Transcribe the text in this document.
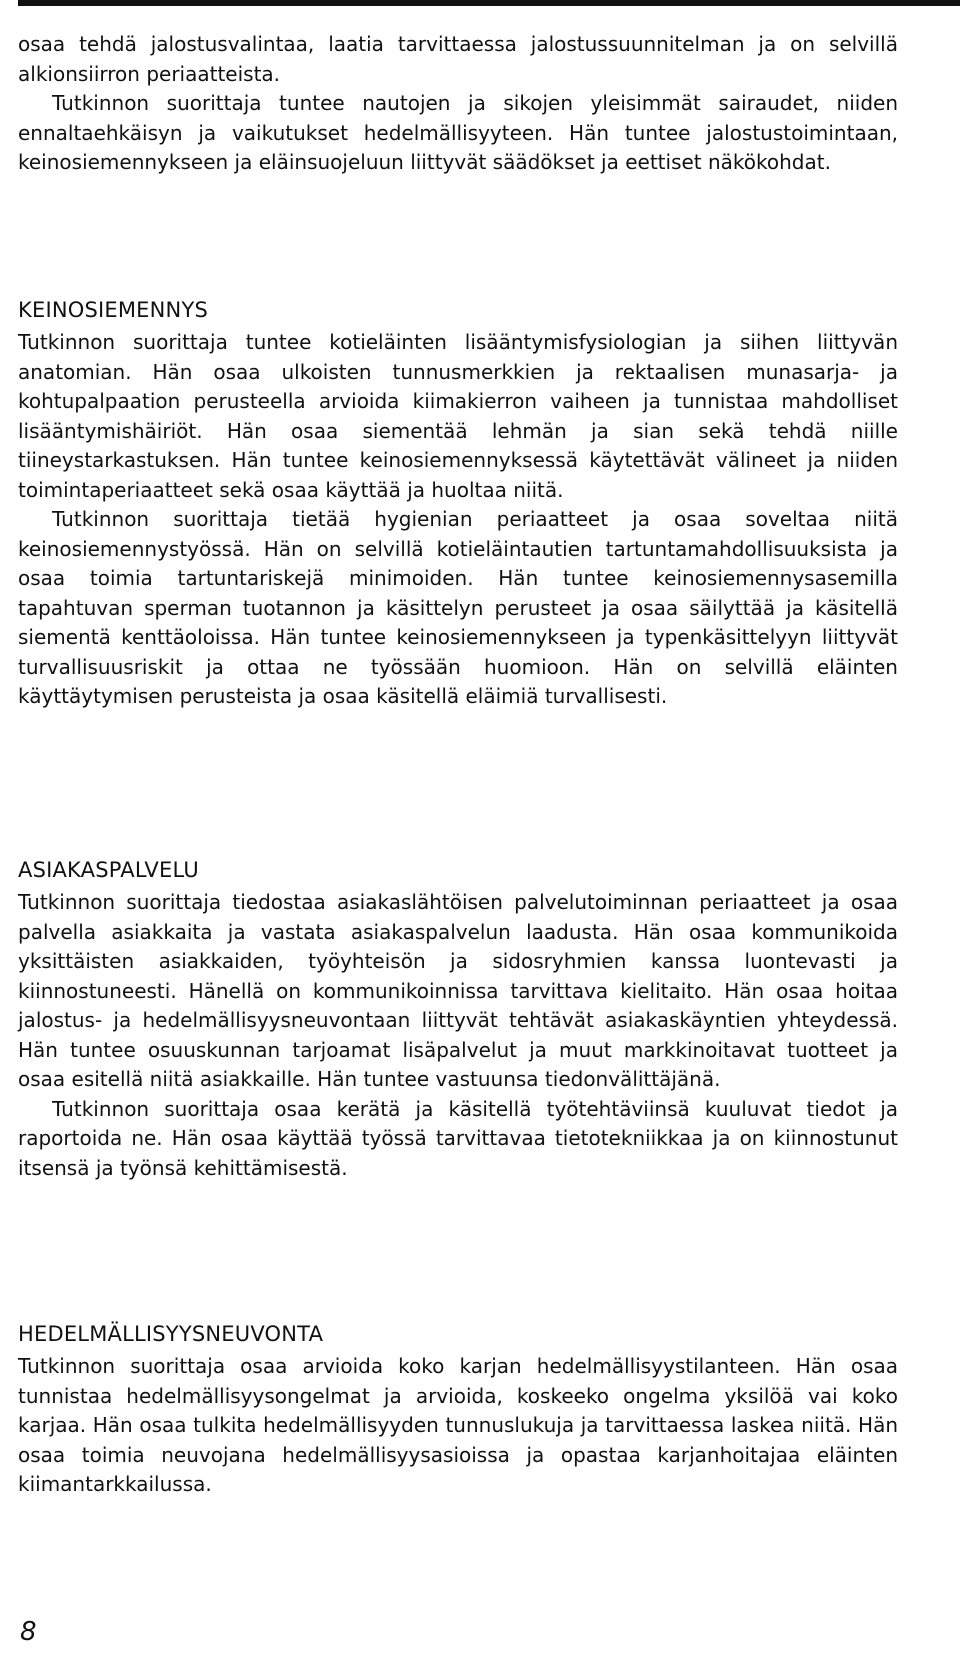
osaa tehdä jalostusvalintaa, laatia tarvittaessa jalostussuunnitelman ja on selvillä alkionsiirron periaatteista.

Tutkinnon suorittaja tuntee nautojen ja sikojen yleisimmät sairaudet, niiden ennaltaehkäisyn ja vaikutukset hedelmällisyyteen. Hän tuntee jalostustoimintaan, keinosiemennykseen ja eläinsuojeluun liittyvät säädökset ja eettiset näkökohdat.

KEINOSIEMENNYS

Tutkinnon suorittaja tuntee kotieläinten lisääntymisfysiologian ja siihen liittyvän anatomian. Hän osaa ulkoisten tunnusmerkkien ja rektaalisen munasarja- ja kohtupalpaation perusteella arvioida kiimakierron vaiheen ja tunnistaa mahdolliset lisääntymishäiriöt. Hän osaa siementää lehmän ja sian sekä tehdä niille tiineystarkastuksen. Hän tuntee keinosiemennyksessä käytettävät välineet ja niiden toimintaperiaatteet sekä osaa käyttää ja huoltaa niitä.

Tutkinnon suorittaja tietää hygienian periaatteet ja osaa soveltaa niitä keinosiemennystyössä. Hän on selvillä kotieläintautien tartuntamahdollisuuksista ja osaa toimia tartuntariskejä minimoiden. Hän tuntee keinosiemennysasemilla tapahtuvan sperman tuotannon ja käsittelyn perusteet ja osaa säilyttää ja käsitellä siementä kenttäoloissa. Hän tuntee keinosiemennykseen ja typenkäsittelyyn liittyvät turvallisuusriskit ja ottaa ne työssään huomioon. Hän on selvillä eläinten käyttäytymisen perusteista ja osaa käsitellä eläimiä turvallisesti.

ASIAKASPALVELU

Tutkinnon suorittaja tiedostaa asiakaslähtöisen palvelutoiminnan periaatteet ja osaa palvella asiakkaita ja vastata asiakaspalvelun laadusta. Hän osaa kommunikoida yksittäisten asiakkaiden, työyhteisön ja sidosryhmien kanssa luontevasti ja kiinnostuneesti. Hänellä on kommunikoinnissa tarvittava kielitaito. Hän osaa hoitaa jalostus- ja hedelmällisyysneuvontaan liittyvät tehtävät asiakaskäyntien yhteydessä. Hän tuntee osuuskunnan tarjoamat lisäpalvelut ja muut markkinoitavat tuotteet ja osaa esitellä niitä asiakkaille. Hän tuntee vastuunsa tiedonvälittäjänä.

Tutkinnon suorittaja osaa kerätä ja käsitellä työtehtäviinsä kuuluvat tiedot ja raportoida ne. Hän osaa käyttää työssä tarvittavaa tietotekniikkaa ja on kiinnostunut itsensä ja työnsä kehittämisestä.

HEDELMÄLLISYYSNEUVONTA

Tutkinnon suorittaja osaa arvioida koko karjan hedelmällisyystilanteen. Hän osaa tunnistaa hedelmällisyysongelmat ja arvioida, koskeeko ongelma yksilöä vai koko karjaa. Hän osaa tulkita hedelmällisyyden tunnuslukuja ja tarvittaessa laskea niitä. Hän osaa toimia neuvojana hedelmällisyysasioissa ja opastaa karjanhoitajaa eläinten kiimantarkkailussa.

8
